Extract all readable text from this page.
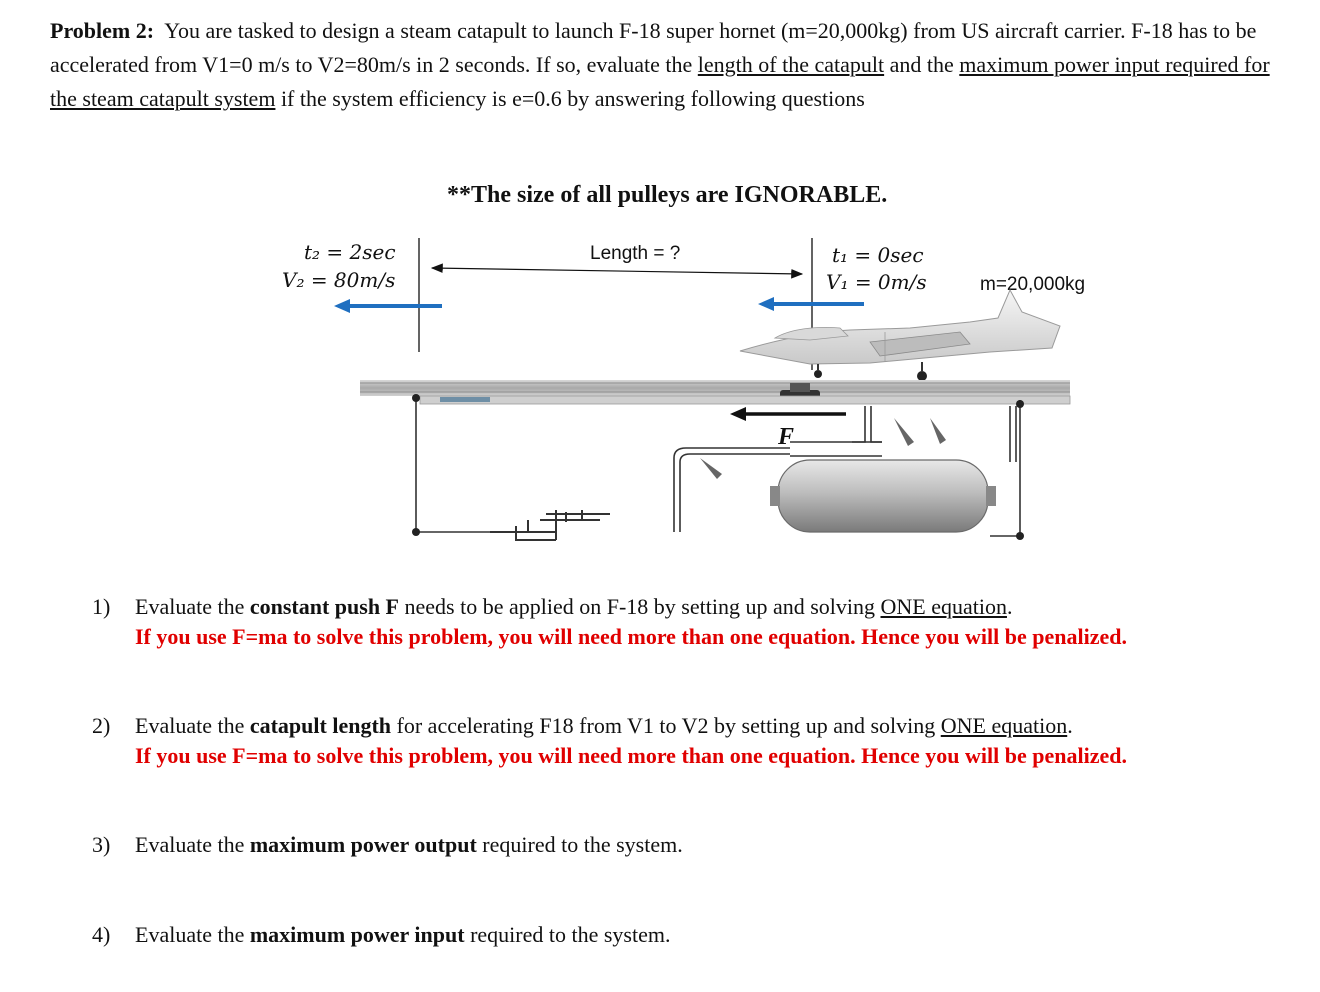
Problem 2: You are tasked to design a steam catapult to launch F-18 super hornet (m=20,000kg) from US aircraft carrier. F-18 has to be accelerated from V1=0 m/s to V2=80m/s in 2 seconds. If so, evaluate the length of the catapult and the maximum power input required for the steam catapult system if the system efficiency is e=0.6 by answering following questions
**The size of all pulleys are IGNORABLE.
t₂ = 2sec
V₂ = 80m/s
Length = ?	t₁ = 0sec
V₁ = 0m/s	m=20,000kg
F
1) Evaluate the constant push F needs to be applied on F-18 by setting up and solving ONE equation.
If you use F=ma to solve this problem, you will need more than one equation. Hence you will be penalized.
2) Evaluate the catapult length for accelerating F18 from V1 to V2 by setting up and solving ONE equation.
If you use F=ma to solve this problem, you will need more than one equation. Hence you will be penalized.
3) Evaluate the maximum power output required to the system.
4) Evaluate the maximum power input required to the system.
